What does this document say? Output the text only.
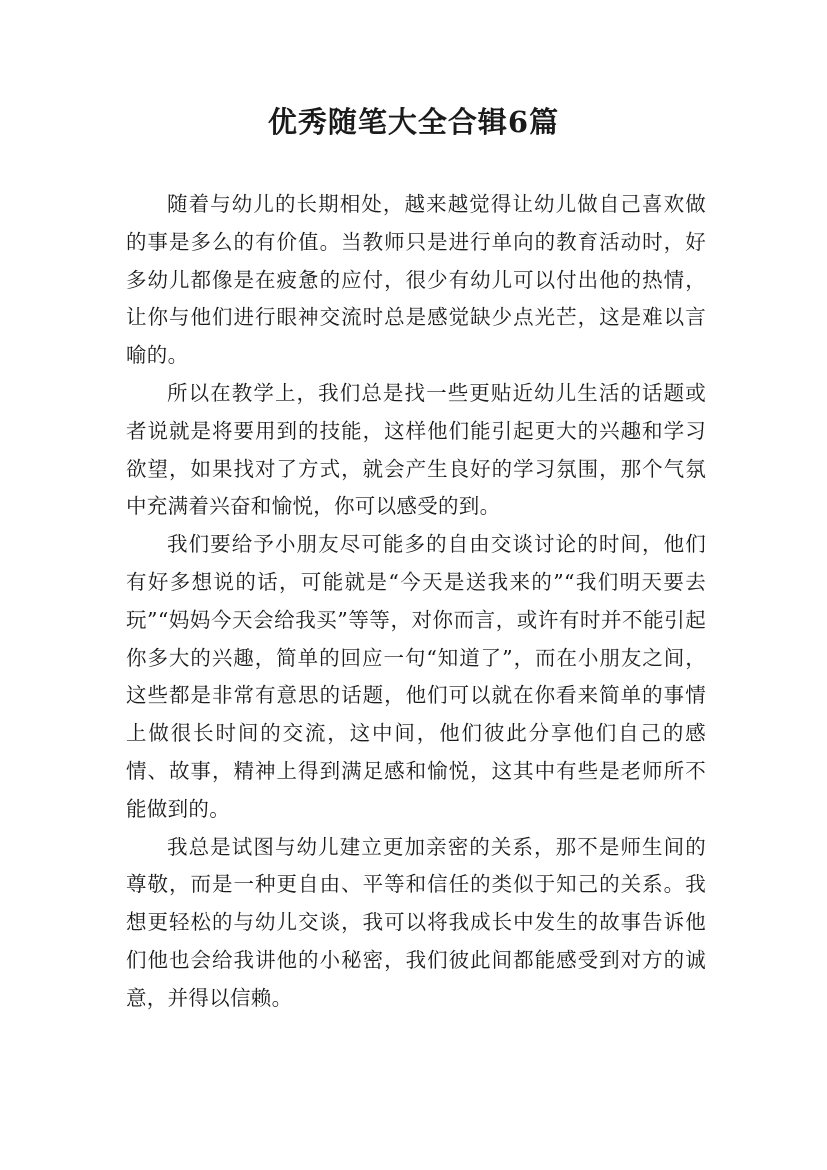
优秀随笔大全合辑6篇

随着与幼儿的长期相处，越来越觉得让幼儿做自己喜欢做的事是多么的有价值。当教师只是进行单向的教育活动时，好多幼儿都像是在疲惫的应付，很少有幼儿可以付出他的热情，让你与他们进行眼神交流时总是感觉缺少点光芒，这是难以言喻的。

所以在教学上，我们总是找一些更贴近幼儿生活的话题或者说就是将要用到的技能，这样他们能引起更大的兴趣和学习欲望，如果找对了方式，就会产生良好的学习氛围，那个气氛中充满着兴奋和愉悦，你可以感受的到。

我们要给予小朋友尽可能多的自由交谈讨论的时间，他们有好多想说的话，可能就是“今天是送我来的”“我们明天要去玩”“妈妈今天会给我买”等等，对你而言，或许有时并不能引起你多大的兴趣，简单的回应一句“知道了”，而在小朋友之间，这些都是非常有意思的话题，他们可以就在你看来简单的事情上做很长时间的交流，这中间，他们彼此分享他们自己的感情、故事，精神上得到满足感和愉悦，这其中有些是老师所不能做到的。

我总是试图与幼儿建立更加亲密的关系，那不是师生间的尊敬，而是一种更自由、平等和信任的类似于知己的关系。我想更轻松的与幼儿交谈，我可以将我成长中发生的故事告诉他们他也会给我讲他的小秘密，我们彼此间都能感受到对方的诚意，并得以信赖。
